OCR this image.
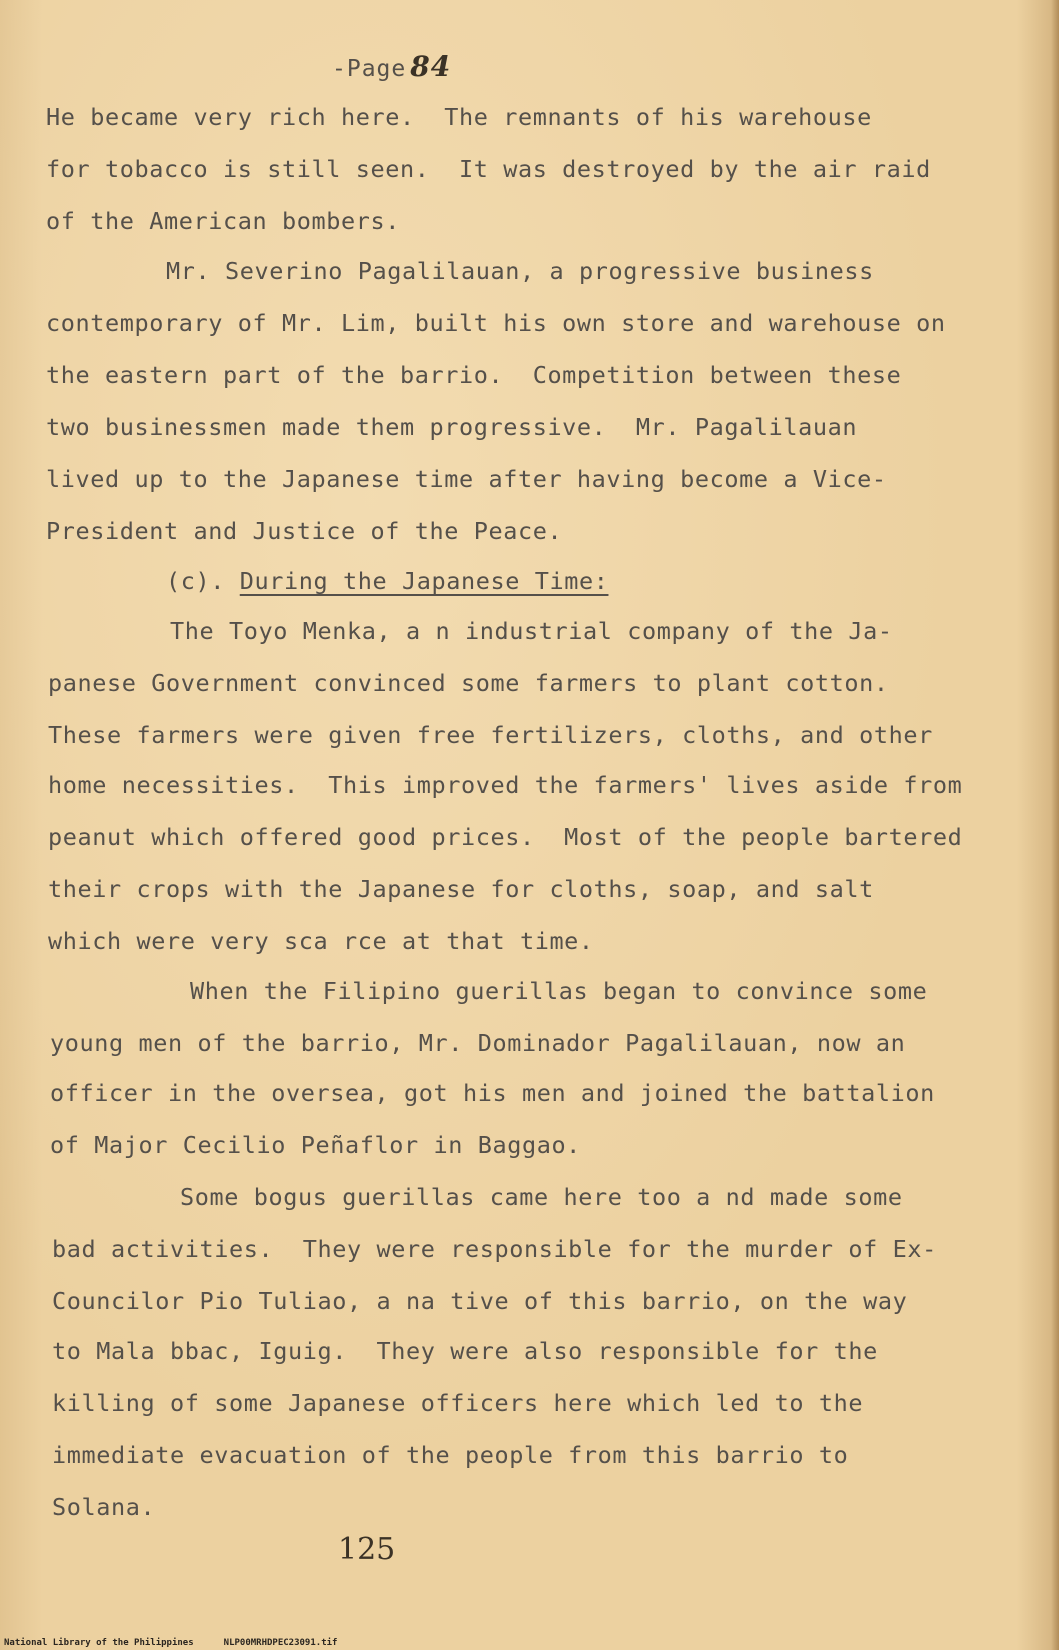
-Page 84
He became very rich here.  The remnants of his warehouse
for tobacco is still seen.  It was destroyed by the air raid
of the American bombers.
Mr. Severino Pagalilauan, a progressive business
contemporary of Mr. Lim, built his own store and warehouse on
the eastern part of the barrio.  Competition between these
two businessmen made them progressive.  Mr. Pagalilauan
lived up to the Japanese time after having become a Vice-
President and Justice of the Peace.
(c). During the Japanese Time:
The Toyo Menka, a n industrial company of the Ja-
panese Government convinced some farmers to plant cotton.
These farmers were given free fertilizers, cloths, and other
home necessities.  This improved the farmers' lives aside from
peanut which offered good prices.  Most of the people bartered
their crops with the Japanese for cloths, soap, and salt
which were very sca rce at that time.
When the Filipino guerillas began to convince some
young men of the barrio, Mr. Dominador Pagalilauan, now an
officer in the oversea, got his men and joined the battalion
of Major Cecilio Peñaflor in Baggao.
Some bogus guerillas came here too a nd made some
bad activities.  They were responsible for the murder of Ex-
Councilor Pio Tuliao, a na tive of this barrio, on the way
to Mala bbac, Iguig.  They were also responsible for the
killing of some Japanese officers here which led to the
immediate evacuation of the people from this barrio to
Solana.
125
National Library of the Philippines	NLP00MRHDPEC23091.tif
